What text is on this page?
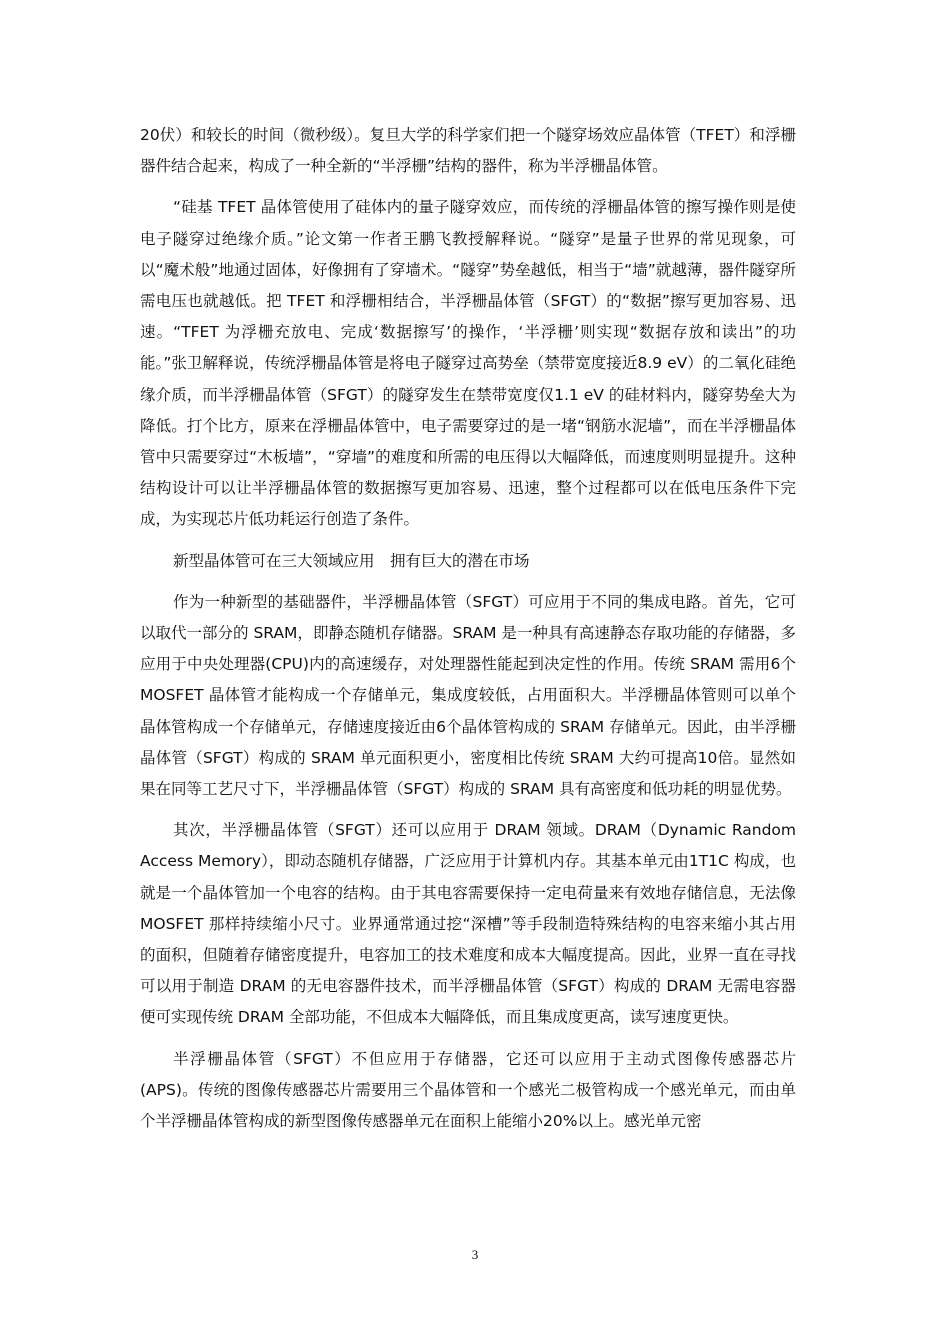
20伏）和较长的时间（微秒级）。复旦大学的科学家们把一个隧穿场效应晶体管（TFET）和浮栅器件结合起来，构成了一种全新的“半浮栅”结构的器件，称为半浮栅晶体管。

“硅基 TFET 晶体管使用了硅体内的量子隧穿效应，而传统的浮栅晶体管的擦写操作则是使电子隧穿过绝缘介质。”论文第一作者王鹏飞教授解释说。“隧穿”是量子世界的常见现象，可以“魔术般”地通过固体，好像拥有了穿墙术。“隧穿”势垒越低，相当于“墙”就越薄，器件隧穿所需电压也就越低。把 TFET 和浮栅相结合，半浮栅晶体管（SFGT）的“数据”擦写更加容易、迅速。“TFET 为浮栅充放电、完成‘数据擦写’的操作，‘半浮栅’则实现“数据存放和读出”的功能。”张卫解释说，传统浮栅晶体管是将电子隧穿过高势垒（禁带宽度接近8.9 eV）的二氧化硅绝缘介质，而半浮栅晶体管（SFGT）的隧穿发生在禁带宽度仅1.1 eV 的硅材料内，隧穿势垒大为降低。打个比方，原来在浮栅晶体管中，电子需要穿过的是一堵“钢筋水泥墙”，而在半浮栅晶体管中只需要穿过“木板墙”，“穿墙”的难度和所需的电压得以大幅降低，而速度则明显提升。这种结构设计可以让半浮栅晶体管的数据擦写更加容易、迅速，整个过程都可以在低电压条件下完成，为实现芯片低功耗运行创造了条件。

新型晶体管可在三大领域应用　拥有巨大的潜在市场

作为一种新型的基础器件，半浮栅晶体管（SFGT）可应用于不同的集成电路。首先，它可以取代一部分的 SRAM，即静态随机存储器。SRAM 是一种具有高速静态存取功能的存储器，多应用于中央处理器(CPU)内的高速缓存，对处理器性能起到决定性的作用。传统 SRAM 需用6个 MOSFET 晶体管才能构成一个存储单元，集成度较低，占用面积大。半浮栅晶体管则可以单个晶体管构成一个存储单元，存储速度接近由6个晶体管构成的 SRAM 存储单元。因此，由半浮栅晶体管（SFGT）构成的 SRAM 单元面积更小，密度相比传统 SRAM 大约可提高10倍。显然如果在同等工艺尺寸下，半浮栅晶体管（SFGT）构成的 SRAM 具有高密度和低功耗的明显优势。

其次，半浮栅晶体管（SFGT）还可以应用于 DRAM 领域。DRAM（Dynamic Random Access Memory），即动态随机存储器，广泛应用于计算机内存。其基本单元由1T1C 构成，也就是一个晶体管加一个电容的结构。由于其电容需要保持一定电荷量来有效地存储信息，无法像 MOSFET 那样持续缩小尺寸。业界通常通过挖“深槽”等手段制造特殊结构的电容来缩小其占用的面积，但随着存储密度提升，电容加工的技术难度和成本大幅度提高。因此，业界一直在寻找可以用于制造 DRAM 的无电容器件技术，而半浮栅晶体管（SFGT）构成的 DRAM 无需电容器便可实现传统 DRAM 全部功能，不但成本大幅降低，而且集成度更高，读写速度更快。

半浮栅晶体管（SFGT）不但应用于存储器，它还可以应用于主动式图像传感器芯片(APS)。传统的图像传感器芯片需要用三个晶体管和一个感光二极管构成一个感光单元，而由单个半浮栅晶体管构成的新型图像传感器单元在面积上能缩小20%以上。感光单元密

3
